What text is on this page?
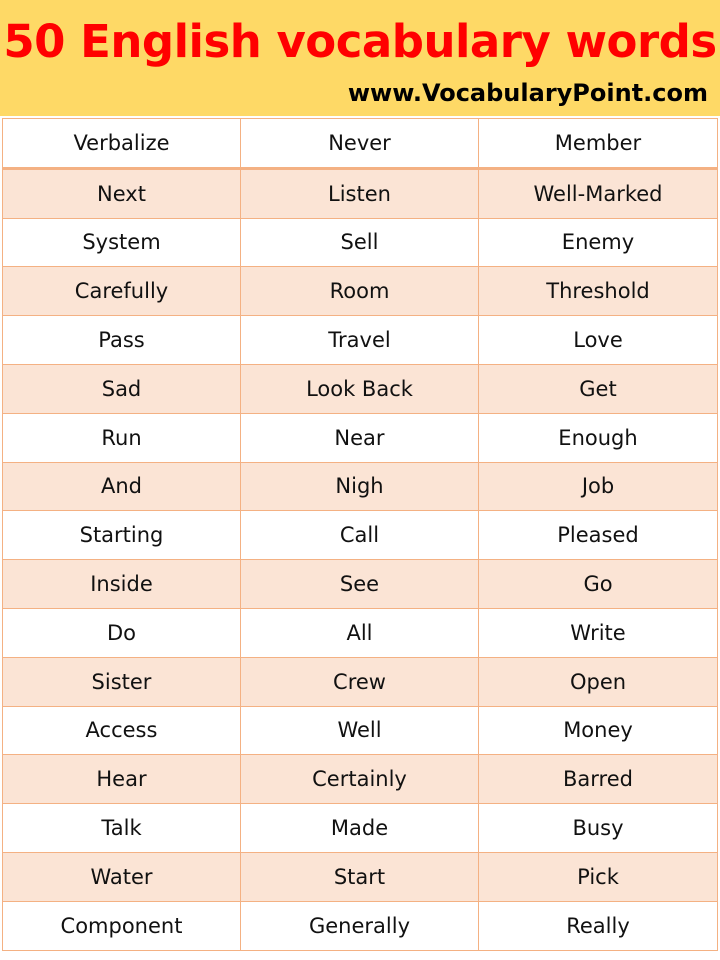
50 English vocabulary words
www.VocabularyPoint.com
Verbalize	Never	Member
Next	Listen	Well-Marked
System	Sell	Enemy
Carefully	Room	Threshold
Pass	Travel	Love
Sad	Look Back	Get
Run	Near	Enough
And	Nigh	Job
Starting	Call	Pleased
Inside	See	Go
Do	All	Write
Sister	Crew	Open
Access	Well	Money
Hear	Certainly	Barred
Talk	Made	Busy
Water	Start	Pick
Component	Generally	Really
